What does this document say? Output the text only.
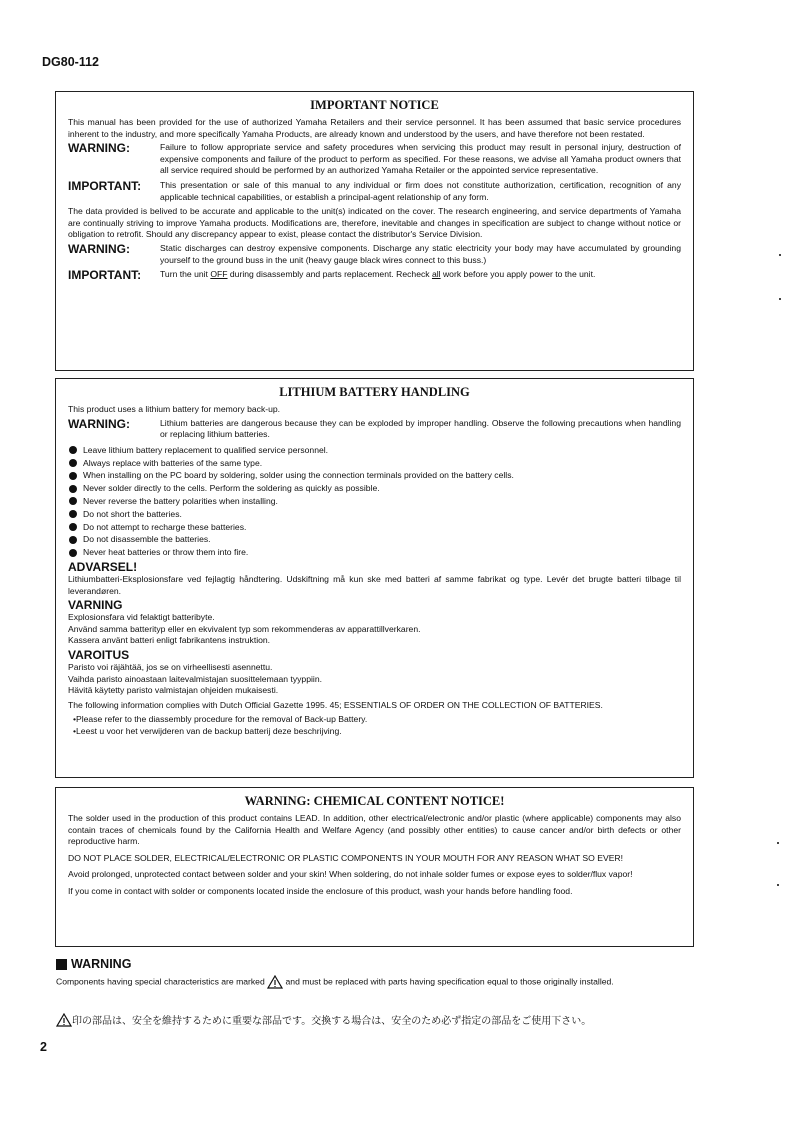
DG80-112
IMPORTANT NOTICE

This manual has been provided for the use of authorized Yamaha Retailers and their service personnel. It has been assumed that basic service procedures inherent to the industry, and more specifically Yamaha Products, are already known and understood by the users, and have therefore not been restated.

WARNING:	Failure to follow appropriate service and safety procedures when servicing this product may result in personal injury, destruction of expensive components and failure of the product to perform as specified. For these reasons, we advise all Yamaha product owners that all service required should be performed by an authorized Yamaha Retailer or the appointed service representative.

IMPORTANT:	This presentation or sale of this manual to any individual or firm does not constitute authorization, certification, recognition of any applicable technical capabilities, or establish a principal-agent relationship of any form.

The data provided is belived to be accurate and applicable to the unit(s) indicated on the cover. The research engineering, and service departments of Yamaha are continually striving to improve Yamaha products. Modifications are, therefore, inevitable and changes in specification are subject to change without notice or obligation to retrofit. Should any discrepancy appear to exist, please contact the distributor's Service Division.

WARNING:	Static discharges can destroy expensive components. Discharge any static electricity your body may have accumulated by grounding yourself to the ground buss in the unit (heavy gauge black wires connect to this buss.)

IMPORTANT:	Turn the unit OFF during disassembly and parts replacement. Recheck all work before you apply power to the unit.

LITHIUM BATTERY HANDLING

This product uses a lithium battery for memory back-up.

WARNING:	Lithium batteries are dangerous because they can be exploded by improper handling. Observe the following precautions when handling or replacing lithium batteries.

Leave lithium battery replacement to qualified service personnel.
Always replace with batteries of the same type.
When installing on the PC board by soldering, solder using the connection terminals provided on the battery cells.
Never solder directly to the cells. Perform the soldering as quickly as possible.
Never reverse the battery polarities when installing.
Do not short the batteries.
Do not attempt to recharge these batteries.
Do not disassemble the batteries.
Never heat batteries or throw them into fire.
ADVARSEL!

Lithiumbatteri-Eksplosionsfare ved fejlagtig håndtering. Udskiftning må kun ske med batteri af samme fabrikat og type. Levér det brugte batteri tilbage til leverandøren.

VARNING

Explosionsfara vid felaktigt batteribyte.

Använd samma batterityp eller en ekvivalent typ som rekommenderas av apparattillverkaren.

Kassera använt batteri enligt fabrikantens instruktion.

VAROITUS

Paristo voi räjähtää, jos se on virheellisesti asennettu.

Vaihda paristo ainoastaan laitevalmistajan suosittelemaan tyyppiin.

Hävitä käytetty paristo valmistajan ohjeiden mukaisesti.

The following information complies with Dutch Official Gazette 1995. 45; ESSENTIALS OF ORDER ON THE COLLECTION OF BATTERIES.

•Please refer to the diassembly procedure for the removal of Back-up Battery.

•Leest u voor het verwijderen van de backup batterij deze beschrijving.

WARNING: CHEMICAL CONTENT NOTICE!

The solder used in the production of this product contains LEAD. In addition, other electrical/electronic and/or plastic (where applicable) components may also contain traces of chemicals found by the California Health and Welfare Agency (and possibly other entities) to cause cancer and/or birth defects or other reproductive harm.

DO NOT PLACE SOLDER, ELECTRICAL/ELECTRONIC OR PLASTIC COMPONENTS IN YOUR MOUTH FOR ANY REASON WHAT SO EVER!

Avoid prolonged, unprotected contact between solder and your skin! When soldering, do not inhale solder fumes or expose eyes to solder/flux vapor!

If you come in contact with solder or components located inside the enclosure of this product, wash your hands before handling food.

WARNING
Components having special characteristics are marked and must be replaced with parts having specification equal to those originally installed.
印の部品は、安全を維持するために重要な部品です。交換する場合は、安全のため必ず指定の部品をご使用下さい。
2
